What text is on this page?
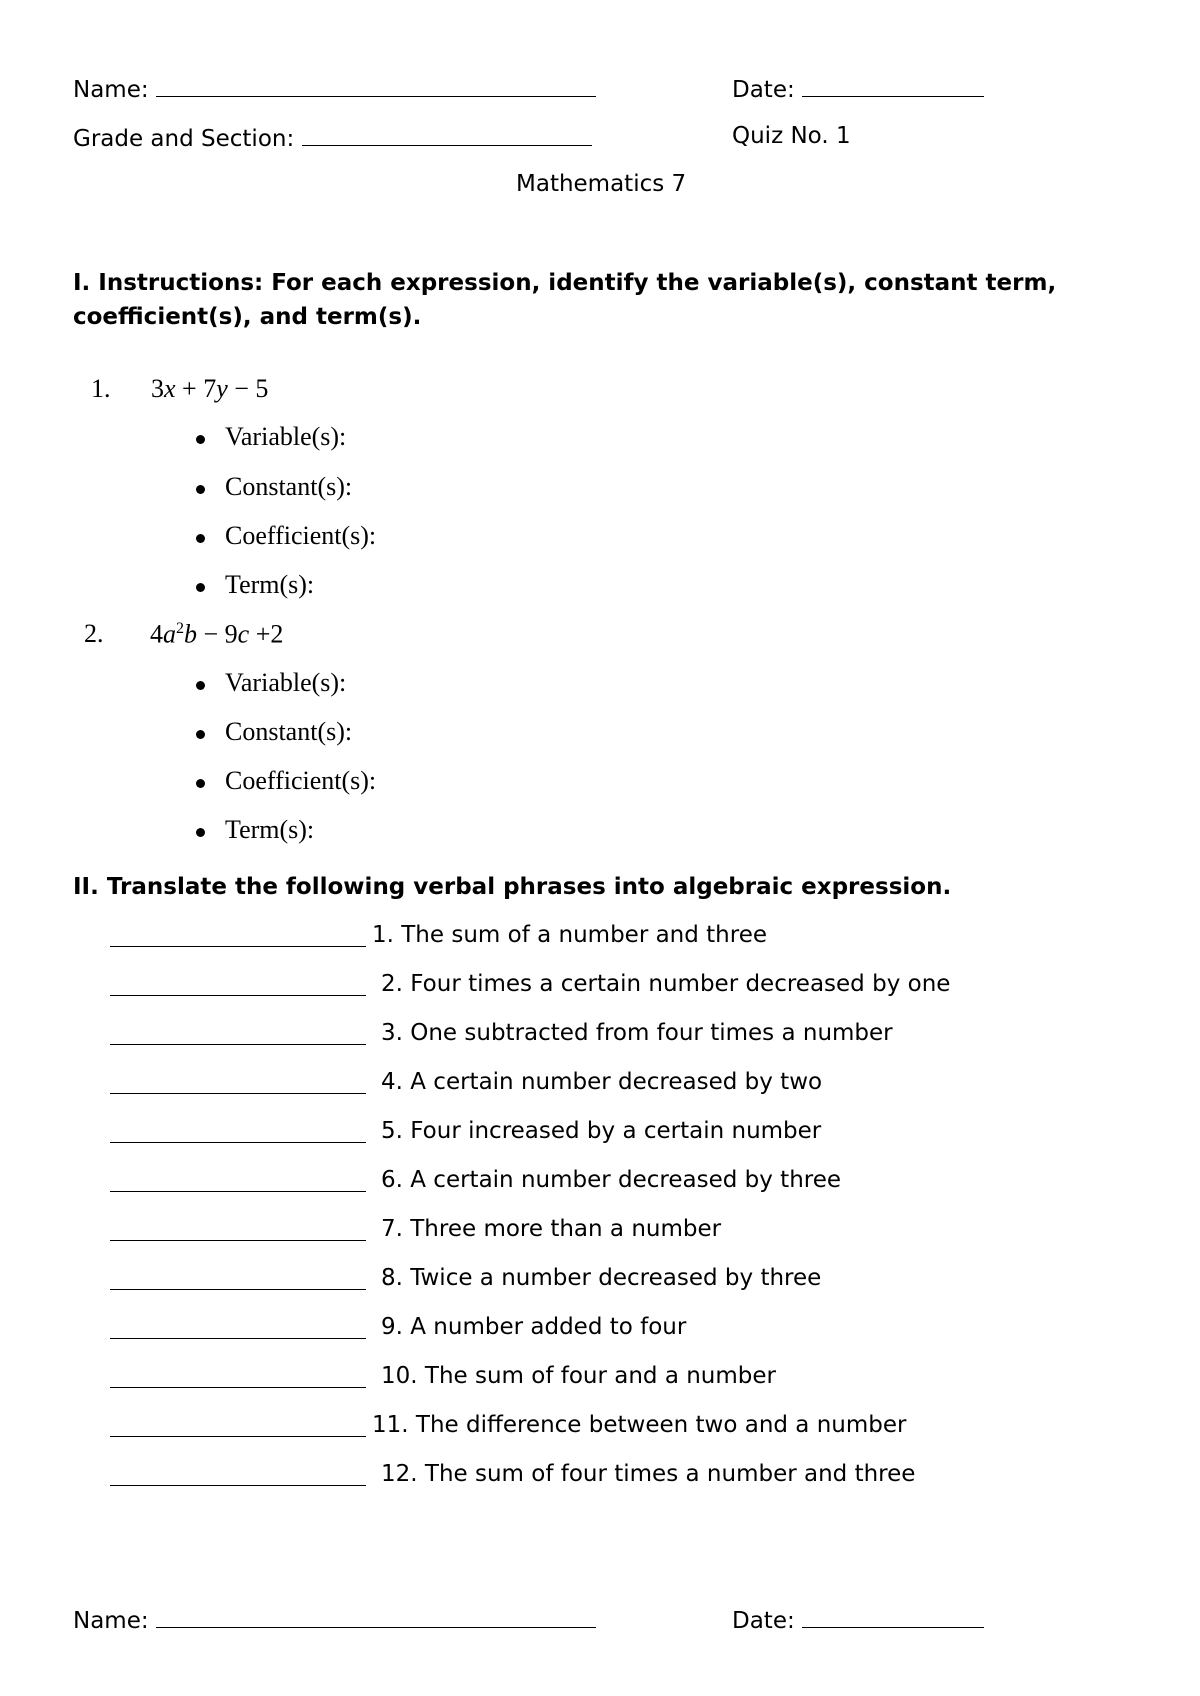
Name:	Date:
Grade and Section:	Quiz No. 1
Mathematics 7
I. Instructions: For each expression, identify the variable(s), constant term,
coefficient(s), and term(s).
1. 3x + 7y − 5
Variable(s):
Constant(s):
Coefficient(s):
Term(s):
2. $4a^2b - 9c +2$
Variable(s):
Constant(s):
Coefficient(s):
Term(s):
II. Translate the following verbal phrases into algebraic expression.
1. The sum of a number and three
2. Four times a certain number decreased by one
3. One subtracted from four times a number
4. A certain number decreased by two
5. Four increased by a certain number
6. A certain number decreased by three
7. Three more than a number
8. Twice a number decreased by three
9. A number added to four
10. The sum of four and a number
11. The difference between two and a number
12. The sum of four times a number and three
Name:	Date:
